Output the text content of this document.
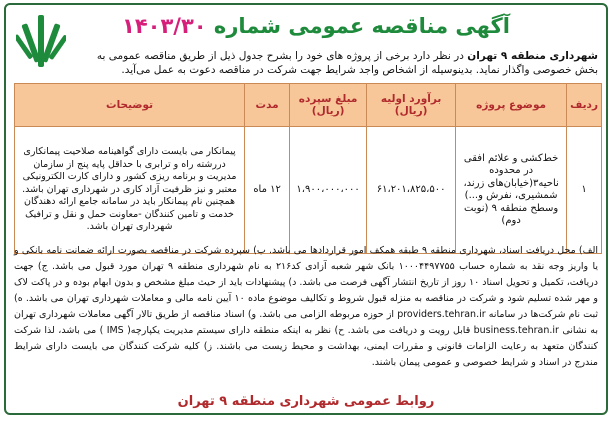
آگهی مناقصه عمومی شماره ۱۴۰۳/۳۰
شهرداری منطقه ۹ تهران در نظر دارد برخی از پروژه های خود را بشرح جدول ذیل از طریق مناقصه عمومی به بخش خصوصی واگذار نماید. بدینوسیله از اشخاص واجد شرایط جهت شرکت در مناقصه دعوت به عمل می‌آید.
ردیف	موضوع پروژه	برآورد اولیه (ریال)	مبلغ سپرده (ریال)	مدت	توضیحات
۱	خط‌کشی و علائم افقی در محدوده ناحیه۳(خیابان‌های زرند، شمشیری، نفرش و...) وسطح منطقه ۹ (نوبت دوم)	۶۱،۲۰۱،۸۲۵،۵۰۰	۱،۹۰۰،۰۰۰،۰۰۰	۱۲ ماه	پیمانکار می بایست دارای گواهینامه صلاحیت پیمانکاری دررشته راه و ترابری با حداقل پایه پنج از سازمان مدیریت و برنامه ریزی کشور و دارای کارت الکترونیکی معتبر و نیز ظرفیت آزاد کاری در شهرداری تهران باشد. همچنین نام پیمانکار باید در سامانه جامع ارائه دهندگان خدمت و تامین کنندگان -معاونت حمل و نقل و ترافیک شهرداری تهران باشد.
الف) محل دریافت اسناد، شهرداری منطقه ۹ طبقه همکف امور قراردادها می باشد. ب) سپرده شرکت در مناقصه بصورت ارائه ضمانت نامه بانکی و یا واریز وجه نقد به شماره حساب ۱۰۰۰۴۴۹۷۷۵۵ بانک شهر شعبه آزادی کد۲۱۶ به نام شهرداری منطقه ۹ تهران مورد قبول می باشد. ج) جهت دریافت، تکمیل و تحویل اسناد ۱۰ روز از تاریخ انتشار آگهی فرصت می باشد. د) پیشنهادات باید از حیث مبلغ مشخص و بدون ابهام بوده و در پاکت لاک و مهر شده تسلیم شود و شرکت در مناقصه به منزله قبول شروط و تکالیف موضوع ماده ۱۰ آیین نامه مالی و معاملات شهرداری تهران می باشد. ه) ثبت نام شرکت‌ها در سامانه providers.tehran.ir از حوزه مربوطه الزامی می باشد. و) اسناد مناقصه از طریق تالار آگهی معاملات شهرداری تهران به نشانی business.tehran.ir قابل رویت و دریافت می باشد. ح) نظر به اینکه منطقه دارای سیستم مدیریت یکپارچه( IMS ) می باشد، لذا شرکت کنندگان متعهد به رعایت الزامات قانونی و مقررات ایمنی، بهداشت و محیط زیست می باشند. ز) کلیه شرکت کنندگان می بایست دارای شرایط مندرج در اسناد و شرایط خصوصی و عمومی پیمان باشند.
روابط عمومی شهرداری منطقه ۹ تهران
